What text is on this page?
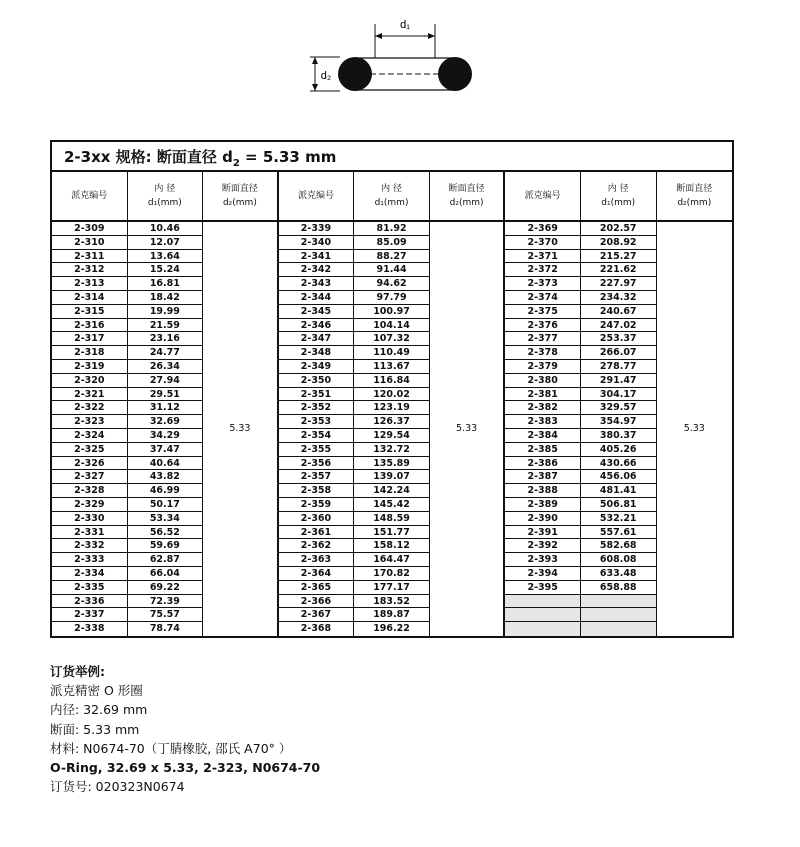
d₁
d₂
2-3xx 规格: 断面直径 $d_2 = 5.33$ mm
派克编号
内 径
d₁(mm)
断面直径
d₂(mm)
派克编号
内 径
d₁(mm)
断面直径
d₂(mm)
派克编号
内 径
d₁(mm)
断面直径
d₂(mm)
2-309
2-310
2-311
2-312
2-313
2-314
2-315
2-316
2-317
2-318
2-319
2-320
2-321
2-322
2-323
2-324
2-325
2-326
2-327
2-328
2-329
2-330
2-331
2-332
2-333
2-334
2-335
2-336
2-337
2-338
10.46
12.07
13.64
15.24
16.81
18.42
19.99
21.59
23.16
24.77
26.34
27.94
29.51
31.12
32.69
34.29
37.47
40.64
43.82
46.99
50.17
53.34
56.52
59.69
62.87
66.04
69.22
72.39
75.57
78.74
5.33
2-339
2-340
2-341
2-342
2-343
2-344
2-345
2-346
2-347
2-348
2-349
2-350
2-351
2-352
2-353
2-354
2-355
2-356
2-357
2-358
2-359
2-360
2-361
2-362
2-363
2-364
2-365
2-366
2-367
2-368
81.92
85.09
88.27
91.44
94.62
97.79
100.97
104.14
107.32
110.49
113.67
116.84
120.02
123.19
126.37
129.54
132.72
135.89
139.07
142.24
145.42
148.59
151.77
158.12
164.47
170.82
177.17
183.52
189.87
196.22
5.33
2-369
2-370
2-371
2-372
2-373
2-374
2-375
2-376
2-377
2-378
2-379
2-380
2-381
2-382
2-383
2-384
2-385
2-386
2-387
2-388
2-389
2-390
2-391
2-392
2-393
2-394
2-395
202.57
208.92
215.27
221.62
227.97
234.32
240.67
247.02
253.37
266.07
278.77
291.47
304.17
329.57
354.97
380.37
405.26
430.66
456.06
481.41
506.81
532.21
557.61
582.68
608.08
633.48
658.88
5.33
订货举例:
派克精密 O 形圈
内径: 32.69 mm
断面: 5.33 mm
材料: N0674-70（丁腈橡胶, 邵氏 A70° ）
O-Ring, 32.69 x 5.33, 2-323, N0674-70
订货号: 020323N0674
